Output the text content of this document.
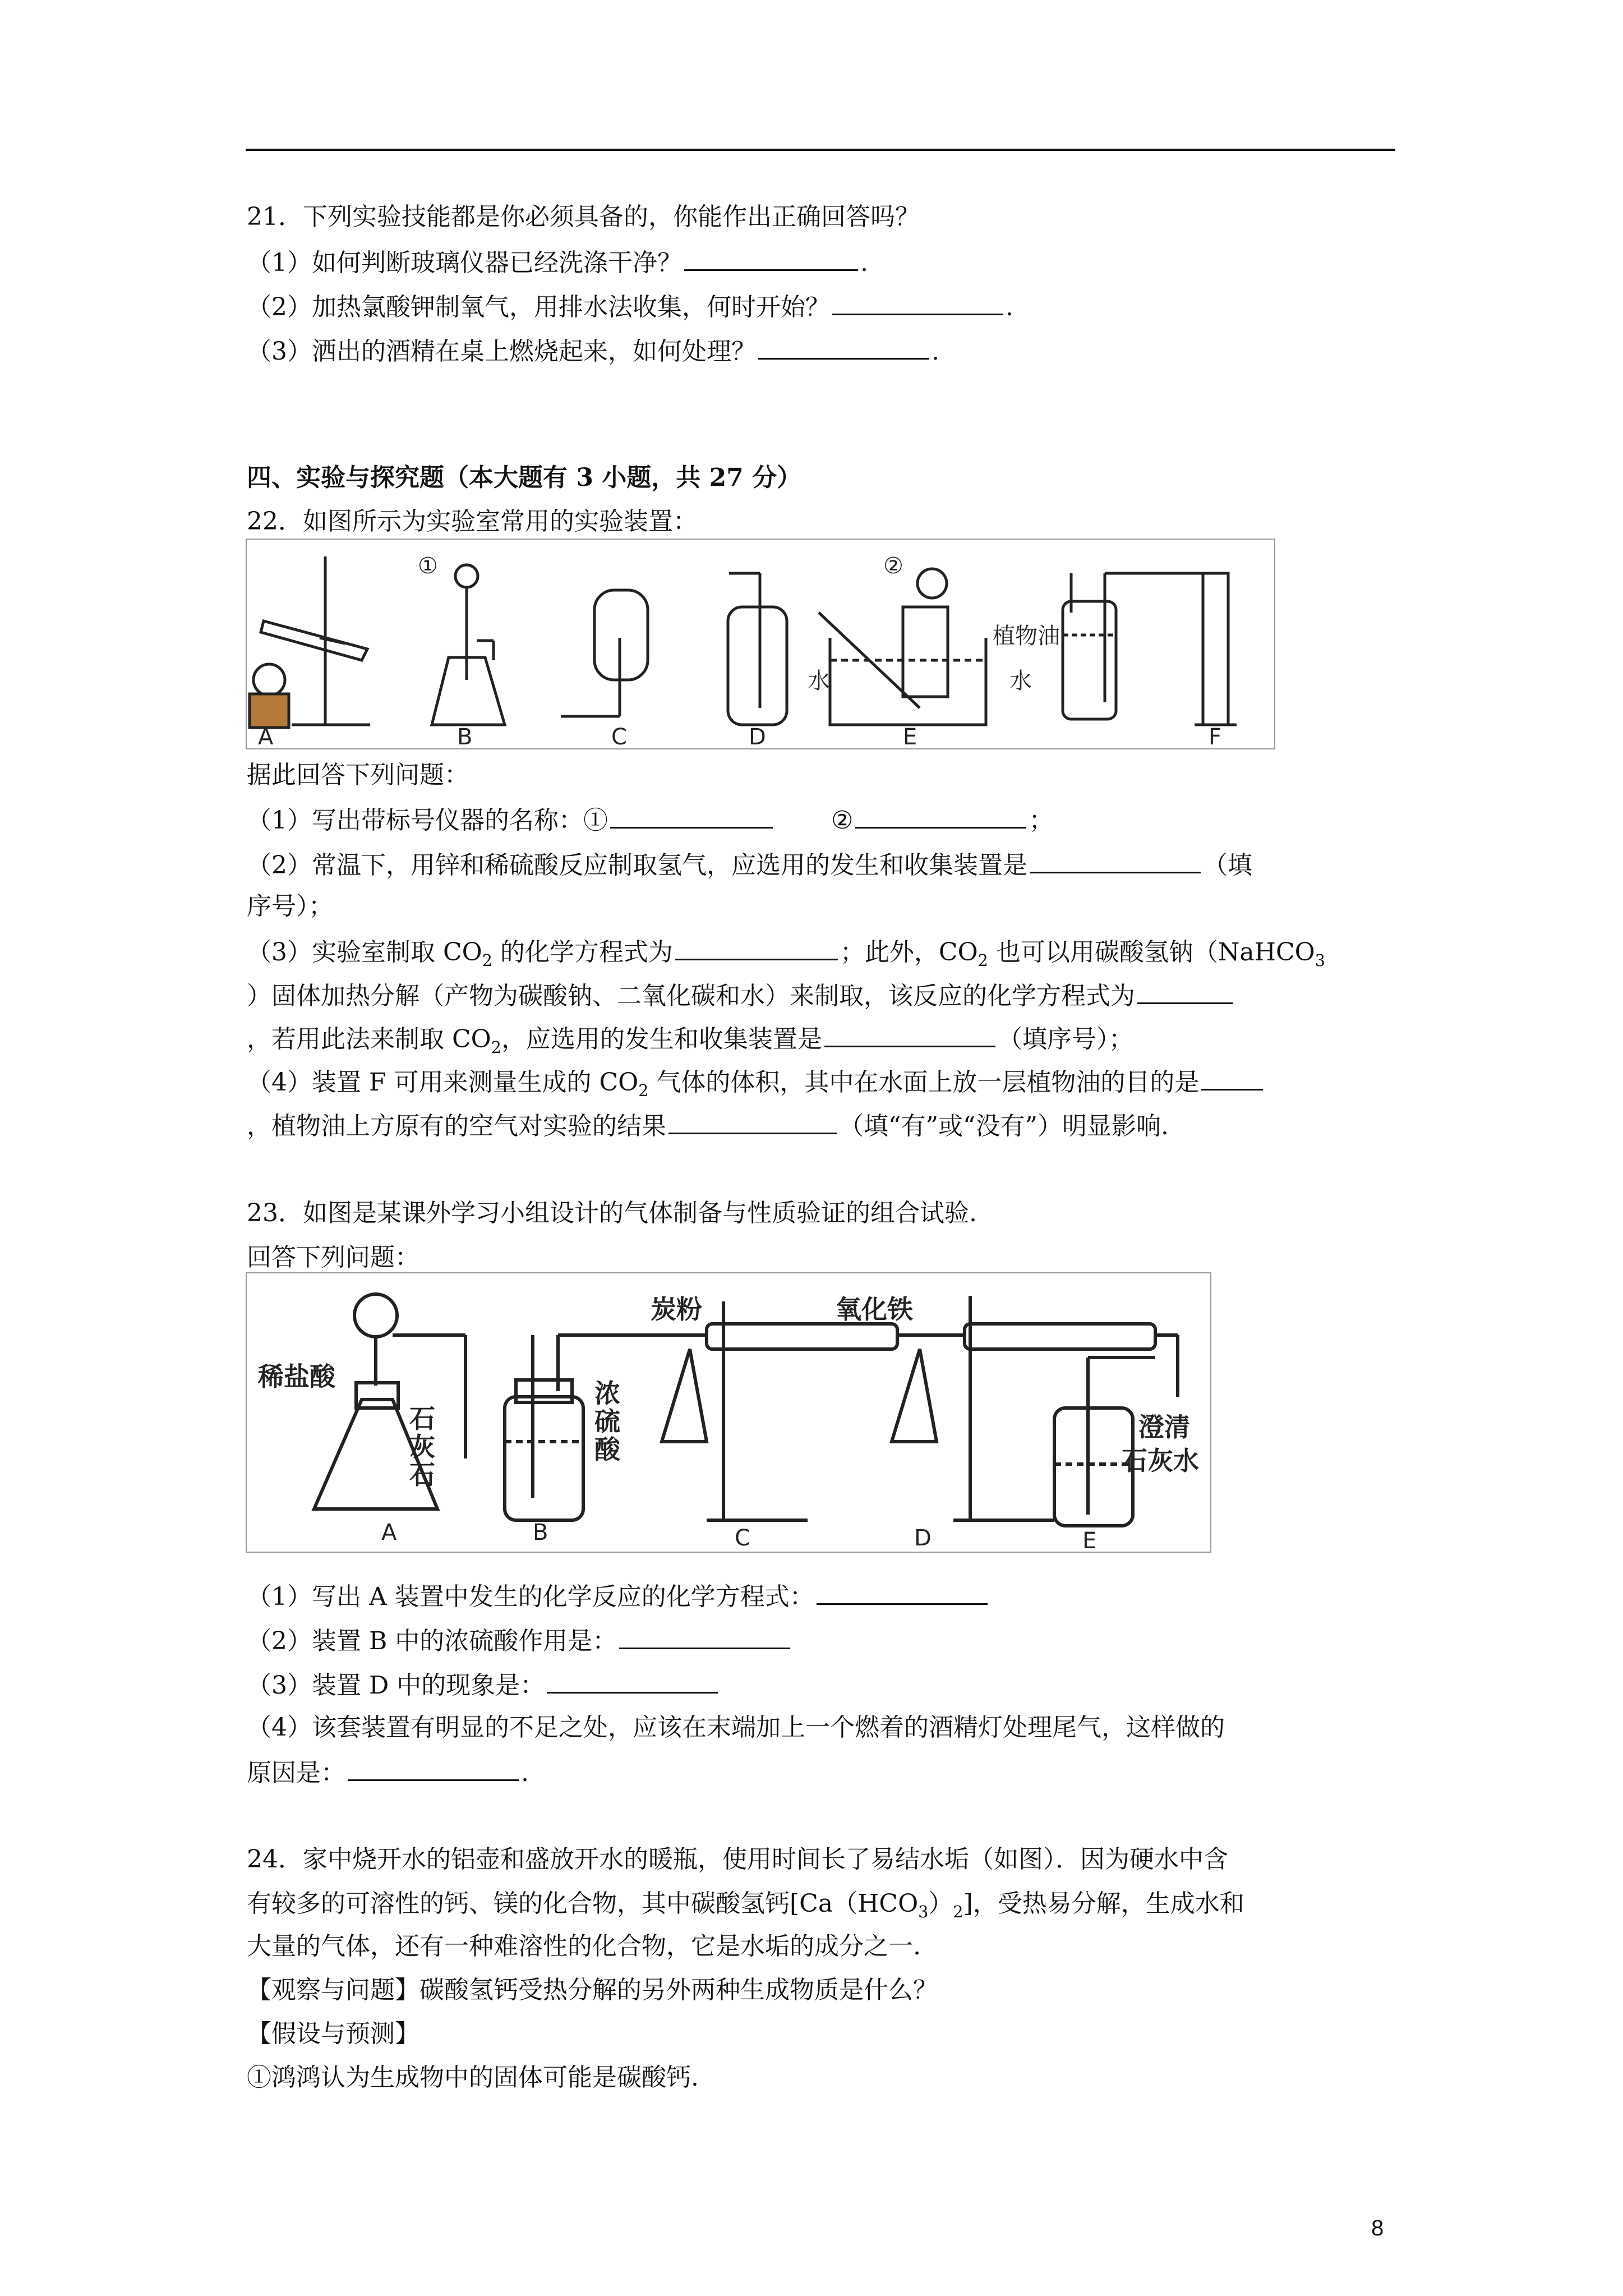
21．下列实验技能都是你必须具备的，你能作出正确回答吗？
（1）如何判断玻璃仪器已经洗涤干净？	.
（2）加热氯酸钾制氧气，用排水法收集，何时开始？	.
（3）洒出的酒精在桌上燃烧起来，如何处理？	.
四、实验与探究题（本大题有 3 小题，共 27 分）
22．如图所示为实验室常用的实验装置：
A	B	C	D	E	F
①	②
水
植物油
水
据此回答下列问题：
（1）写出带标号仪器的名称：①	②	；
（2）常温下，用锌和稀硫酸反应制取氢气，应选用的发生和收集装置是	（填
序号）；
（3）实验室制取 $CO_2$ 的化学方程式为	；此外，$CO_2$ 也可以用碳酸氢钠（NaHCO$_3$
）固体加热分解（产物为碳酸钠、二氧化碳和水）来制取，该反应的化学方程式为
，若用此法来制取 $CO_2$，应选用的发生和收集装置是	（填序号）；
（4）装置 F 可用来测量生成的 $CO_2$ 气体的体积，其中在水面上放一层植物油的目的是
，植物油上方原有的空气对实验的结果	（填“有”或“没有”）明显影响.
23．如图是某课外学习小组设计的气体制备与性质验证的组合试验.
回答下列问题：
稀盐酸
石
灰
石
浓
硫
酸
炭粉	氧化铁
澄清
石灰水
A	B	C	D	E
（1）写出 A 装置中发生的化学反应的化学方程式：
（2）装置 B 中的浓硫酸作用是：
（3）装置 D 中的现象是：
（4）该套装置有明显的不足之处，应该在末端加上一个燃着的酒精灯处理尾气，这样做的
原因是：	.
24．家中烧开水的铝壶和盛放开水的暖瓶，使用时间长了易结水垢（如图）．因为硬水中含
有较多的可溶性的钙、镁的化合物，其中碳酸氢钙$[Ca(HCO_3)_2]$，受热易分解，生成水和
大量的气体，还有一种难溶性的化合物，它是水垢的成分之一.
【观察与问题】碳酸氢钙受热分解的另外两种生成物质是什么？
【假设与预测】
①鸿鸿认为生成物中的固体可能是碳酸钙.
8
